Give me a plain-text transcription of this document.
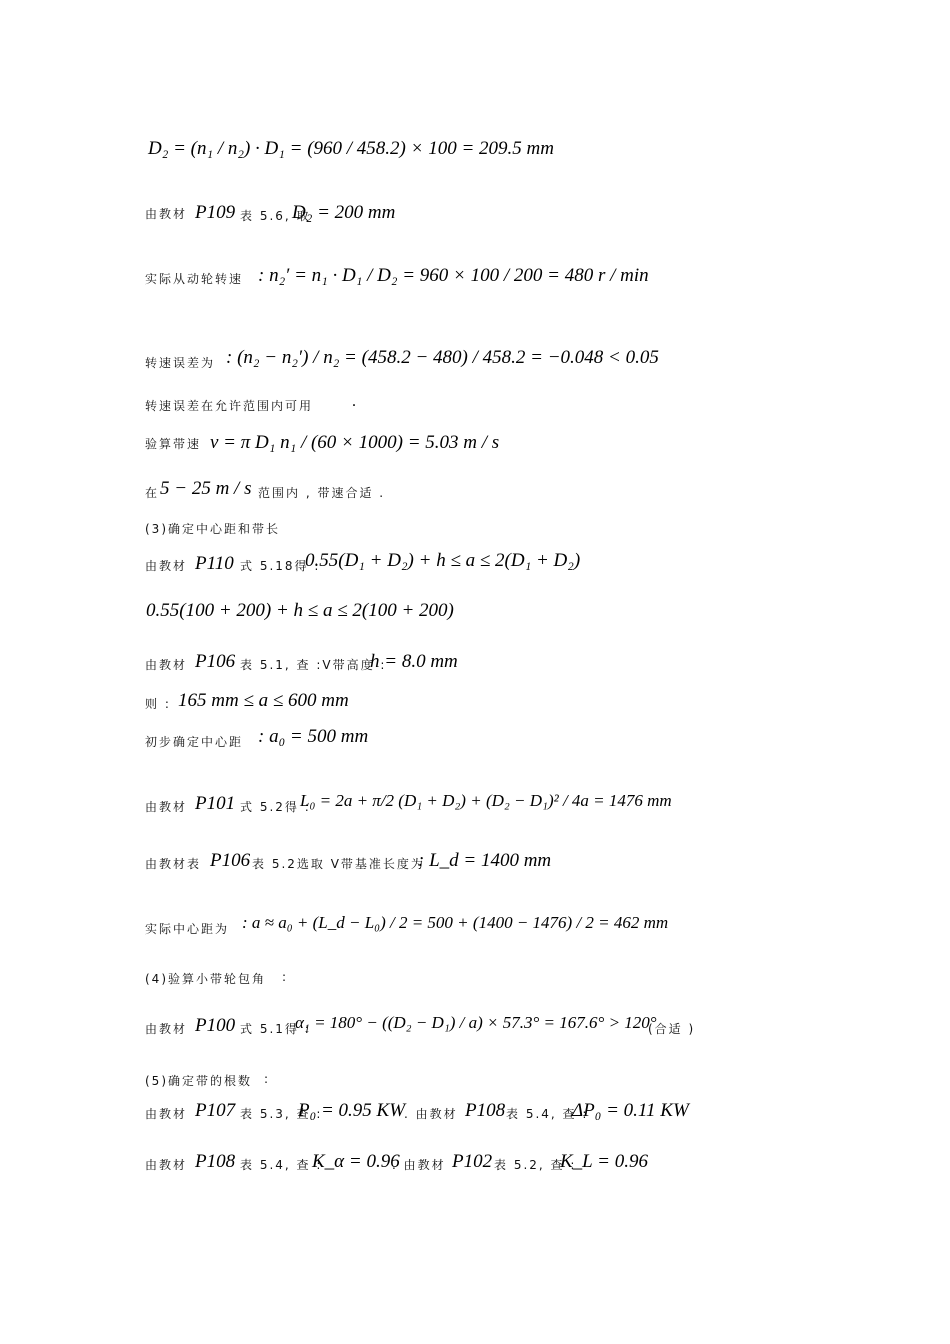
D₂ = (n₁ / n₂) · D₁ = (960 / 458.2) × 100 = 209.5 mm
由教材 P109 表 5.6, 取
D₂ = 200 mm
实际从动轮转速 : n₂′ = n₁ · D₁ / D₂ = 960 × 100 / 200 = 480 r / min
转速误差为 : (n₂ − n₂′) / n₂ = (458.2 − 480) / 458.2 = −0.048 < 0.05
转速误差在允许范围内可用 .
验算带速 v = π D₁ n₁ / (60 × 1000) = 5.03 m / s
在 5 − 25 m / s 范围内 , 带速合适 .
(3)确定中心距和带长
由教材 P110 式 5.18得 :
0.55(D₁ + D₂) + h ≤ a ≤ 2(D₁ + D₂)
0.55(100 + 200) + h ≤ a ≤ 2(100 + 200)
由教材 P106 表 5.1, 查 :V带高度 :
h = 8.0 mm
则 : 165 mm ≤ a ≤ 600 mm
初步确定中心距 : a₀ = 500 mm
由教材 P101 式 5.2得 :
L₀ = 2a + π/2 (D₁ + D₂) + (D₂ − D₁)² / 4a = 1476 mm
由教材表 P106 表 5.2选取 V带基准长度为
: L_d = 1400 mm
实际中心距为 : a ≈ a₀ + (L_d − L₀) / 2 = 500 + (1400 − 1476) / 2 = 462 mm
(4)验算小带轮包角 :
由教材 P100 式 5.1得 :
α₁ = 180° − ((D₂ − D₁) / a) × 57.3° = 167.6° > 120°
(合适 )
(5)确定带的根数 :
由教材 P107 表 5.3, 查 :
P₀ = 0.95 KW
. 由教材 P108 表 5.4, 查 :
ΔP₀ = 0.11 KW
由教材 P108 表 5.4, 查 :
K_α = 0.96
. 由教材 P102 表 5.2, 查 :
K_L = 0.96
